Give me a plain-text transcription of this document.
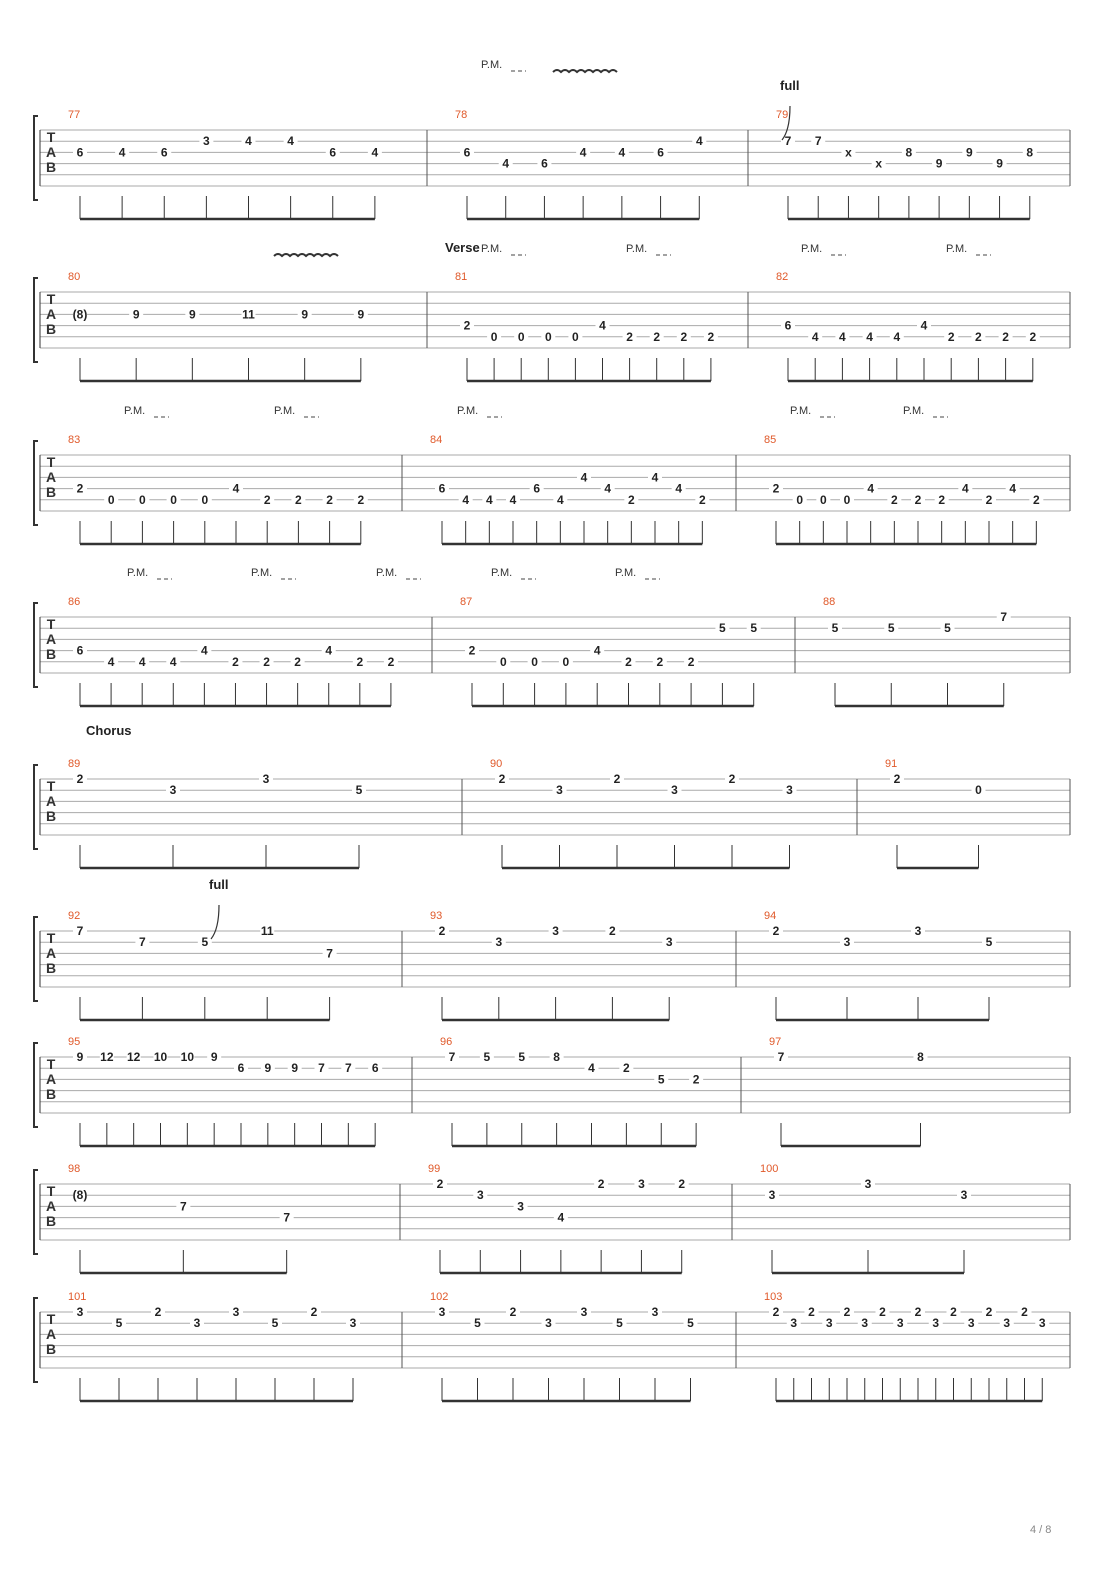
T
A
B
77
6	4	6
3	4	4
6	4
78
6
4	6
4	4	6
4
79
7 7
x
x
8
9
9
9
8
T
A
B
80
(8)	9	9	11	9	9
81
Verse
2
0 0 0 0
4
2 2 2 2
82
6
4 4 4 4
4
2 2 2 2
T
A
B
83
2
0 0 0 0
4
2 2 2 2
84
6
4 4 4
6
4
4
4
2
4
4
2
85
2
0 0 0
4
2 2 2
4
2
4
2
T
A
B
86
6
4 4 4
4
2 2 2
4
2 2
87
2
0 0 0
4
2 2 2
5 5
88
5	5	5
7
T
A
B
89
Chorus
2
3
3
5
90
2
3
2
3
2
3
91
2
0
T
A
B
92
7
7	5
11
7
93
2
3
3	2
3
94
2
3
3
5
T
A
B
95
9 12 12 10 10 9
6 9 9 7 7 6
96
7 5 5 8
4 2
5 2
97
7	8
T
A
B
98
(8)
7
7
99
2
3
3
4
2	3	2
100
3
3
3
T
A
B
101
3
5
2
3
3
5
2
3
102
3
5
2
3
3
5
3
5
103
2
3
2
3
2
3
2
3
2
3
2
3
2
3
2
3
P.M.
P.M.	P.M.	P.M.	P.M.
P.M.	P.M.	P.M.	P.M.	P.M.
P.M.	P.M.	P.M.	P.M.	P.M.
full
full
4 / 8
